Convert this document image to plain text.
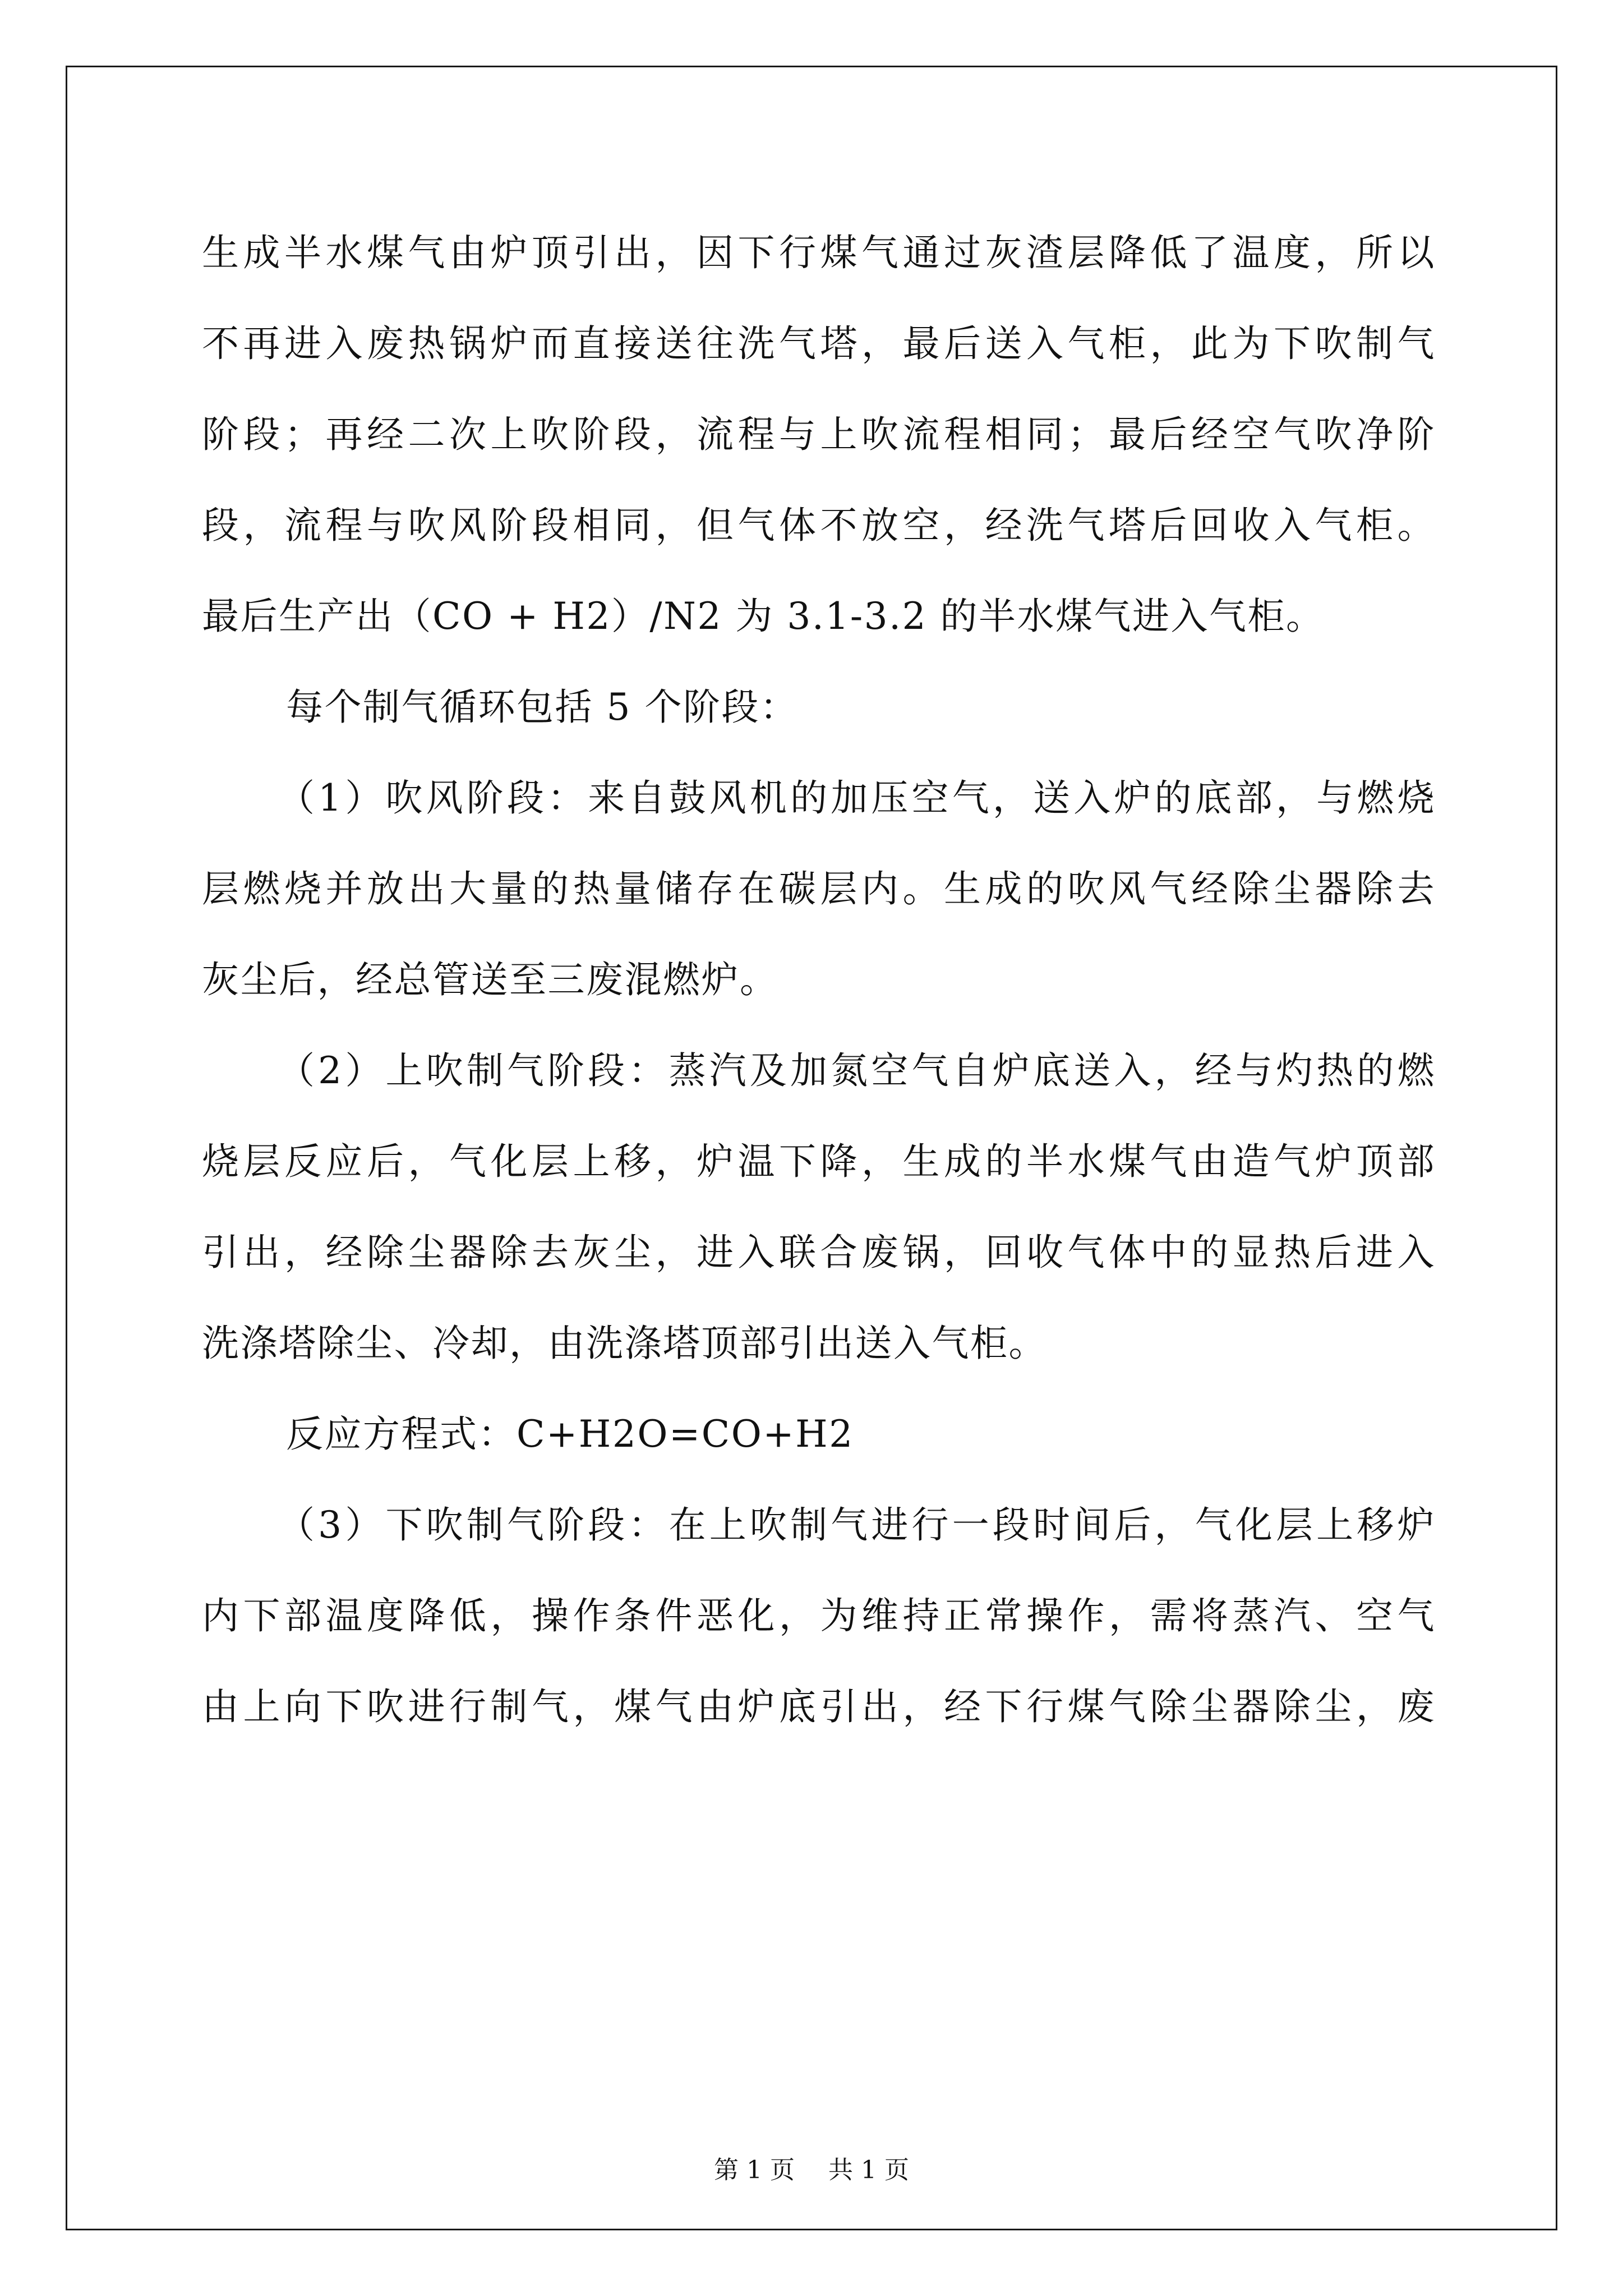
生成半水煤气由炉顶引出，因下行煤气通过灰渣层降低了温度，所以
不再进入废热锅炉而直接送往洗气塔，最后送入气柜，此为下吹制气
阶段；再经二次上吹阶段，流程与上吹流程相同；最后经空气吹净阶
段，流程与吹风阶段相同，但气体不放空，经洗气塔后回收入气柜。
最后生产出（CO + H2）/N2 为 3.1-3.2 的半水煤气进入气柜。
每个制气循环包括 5 个阶段：
（1）吹风阶段：来自鼓风机的加压空气，送入炉的底部，与燃烧
层燃烧并放出大量的热量储存在碳层内。生成的吹风气经除尘器除去
灰尘后，经总管送至三废混燃炉。
（2）上吹制气阶段：蒸汽及加氮空气自炉底送入，经与灼热的燃
烧层反应后，气化层上移，炉温下降，生成的半水煤气由造气炉顶部
引出，经除尘器除去灰尘，进入联合废锅，回收气体中的显热后进入
洗涤塔除尘、冷却，由洗涤塔顶部引出送入气柜。
反应方程式：C+H2O=CO+H2
（3）下吹制气阶段：在上吹制气进行一段时间后，气化层上移炉
内下部温度降低，操作条件恶化，为维持正常操作，需将蒸汽、空气
由上向下吹进行制气，煤气由炉底引出，经下行煤气除尘器除尘，废
第 1 页 共 1 页
